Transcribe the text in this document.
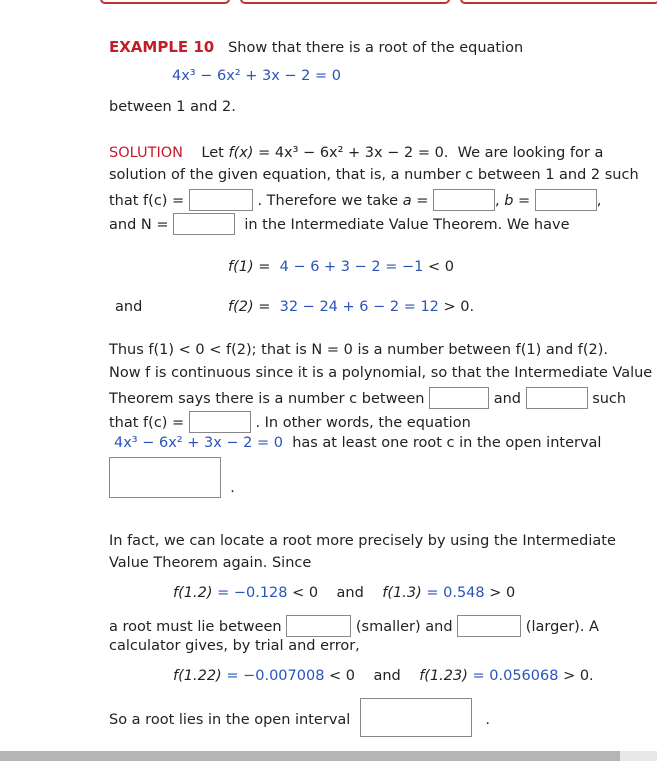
EXAMPLE 10 Show that there is a root of the equation
4x³ − 6x² + 3x − 2 = 0
between 1 and 2.
SOLUTION Let f(x) = 4x³ − 6x² + 3x − 2 = 0. We are looking for a
solution of the given equation, that is, a number c between 1 and 2 such
that f(c) =	. Therefore we take a =	, b =	,
and N =	in the Intermediate Value Theorem. We have
f(1) = 4 − 6 + 3 − 2 = −1 < 0
and	f(2) = 32 − 24 + 6 − 2 = 12 > 0.
Thus f(1) < 0 < f(2); that is N = 0 is a number between f(1) and f(2).
Now f is continuous since it is a polynomial, so that the Intermediate Value
Theorem says there is a number c between	and	such
that f(c) =	. In other words, the equation
4x³ − 6x² + 3x − 2 = 0 has at least one root c in the open interval
.
In fact, we can locate a root more precisely by using the Intermediate
Value Theorem again. Since
f(1.2) = −0.128 < 0 and f(1.3) = 0.548 > 0
a root must lie between	(smaller) and	(larger). A
calculator gives, by trial and error,
f(1.22) = −0.007008 < 0 and f(1.23) = 0.056068 > 0.
So a root lies in the open interval	.
